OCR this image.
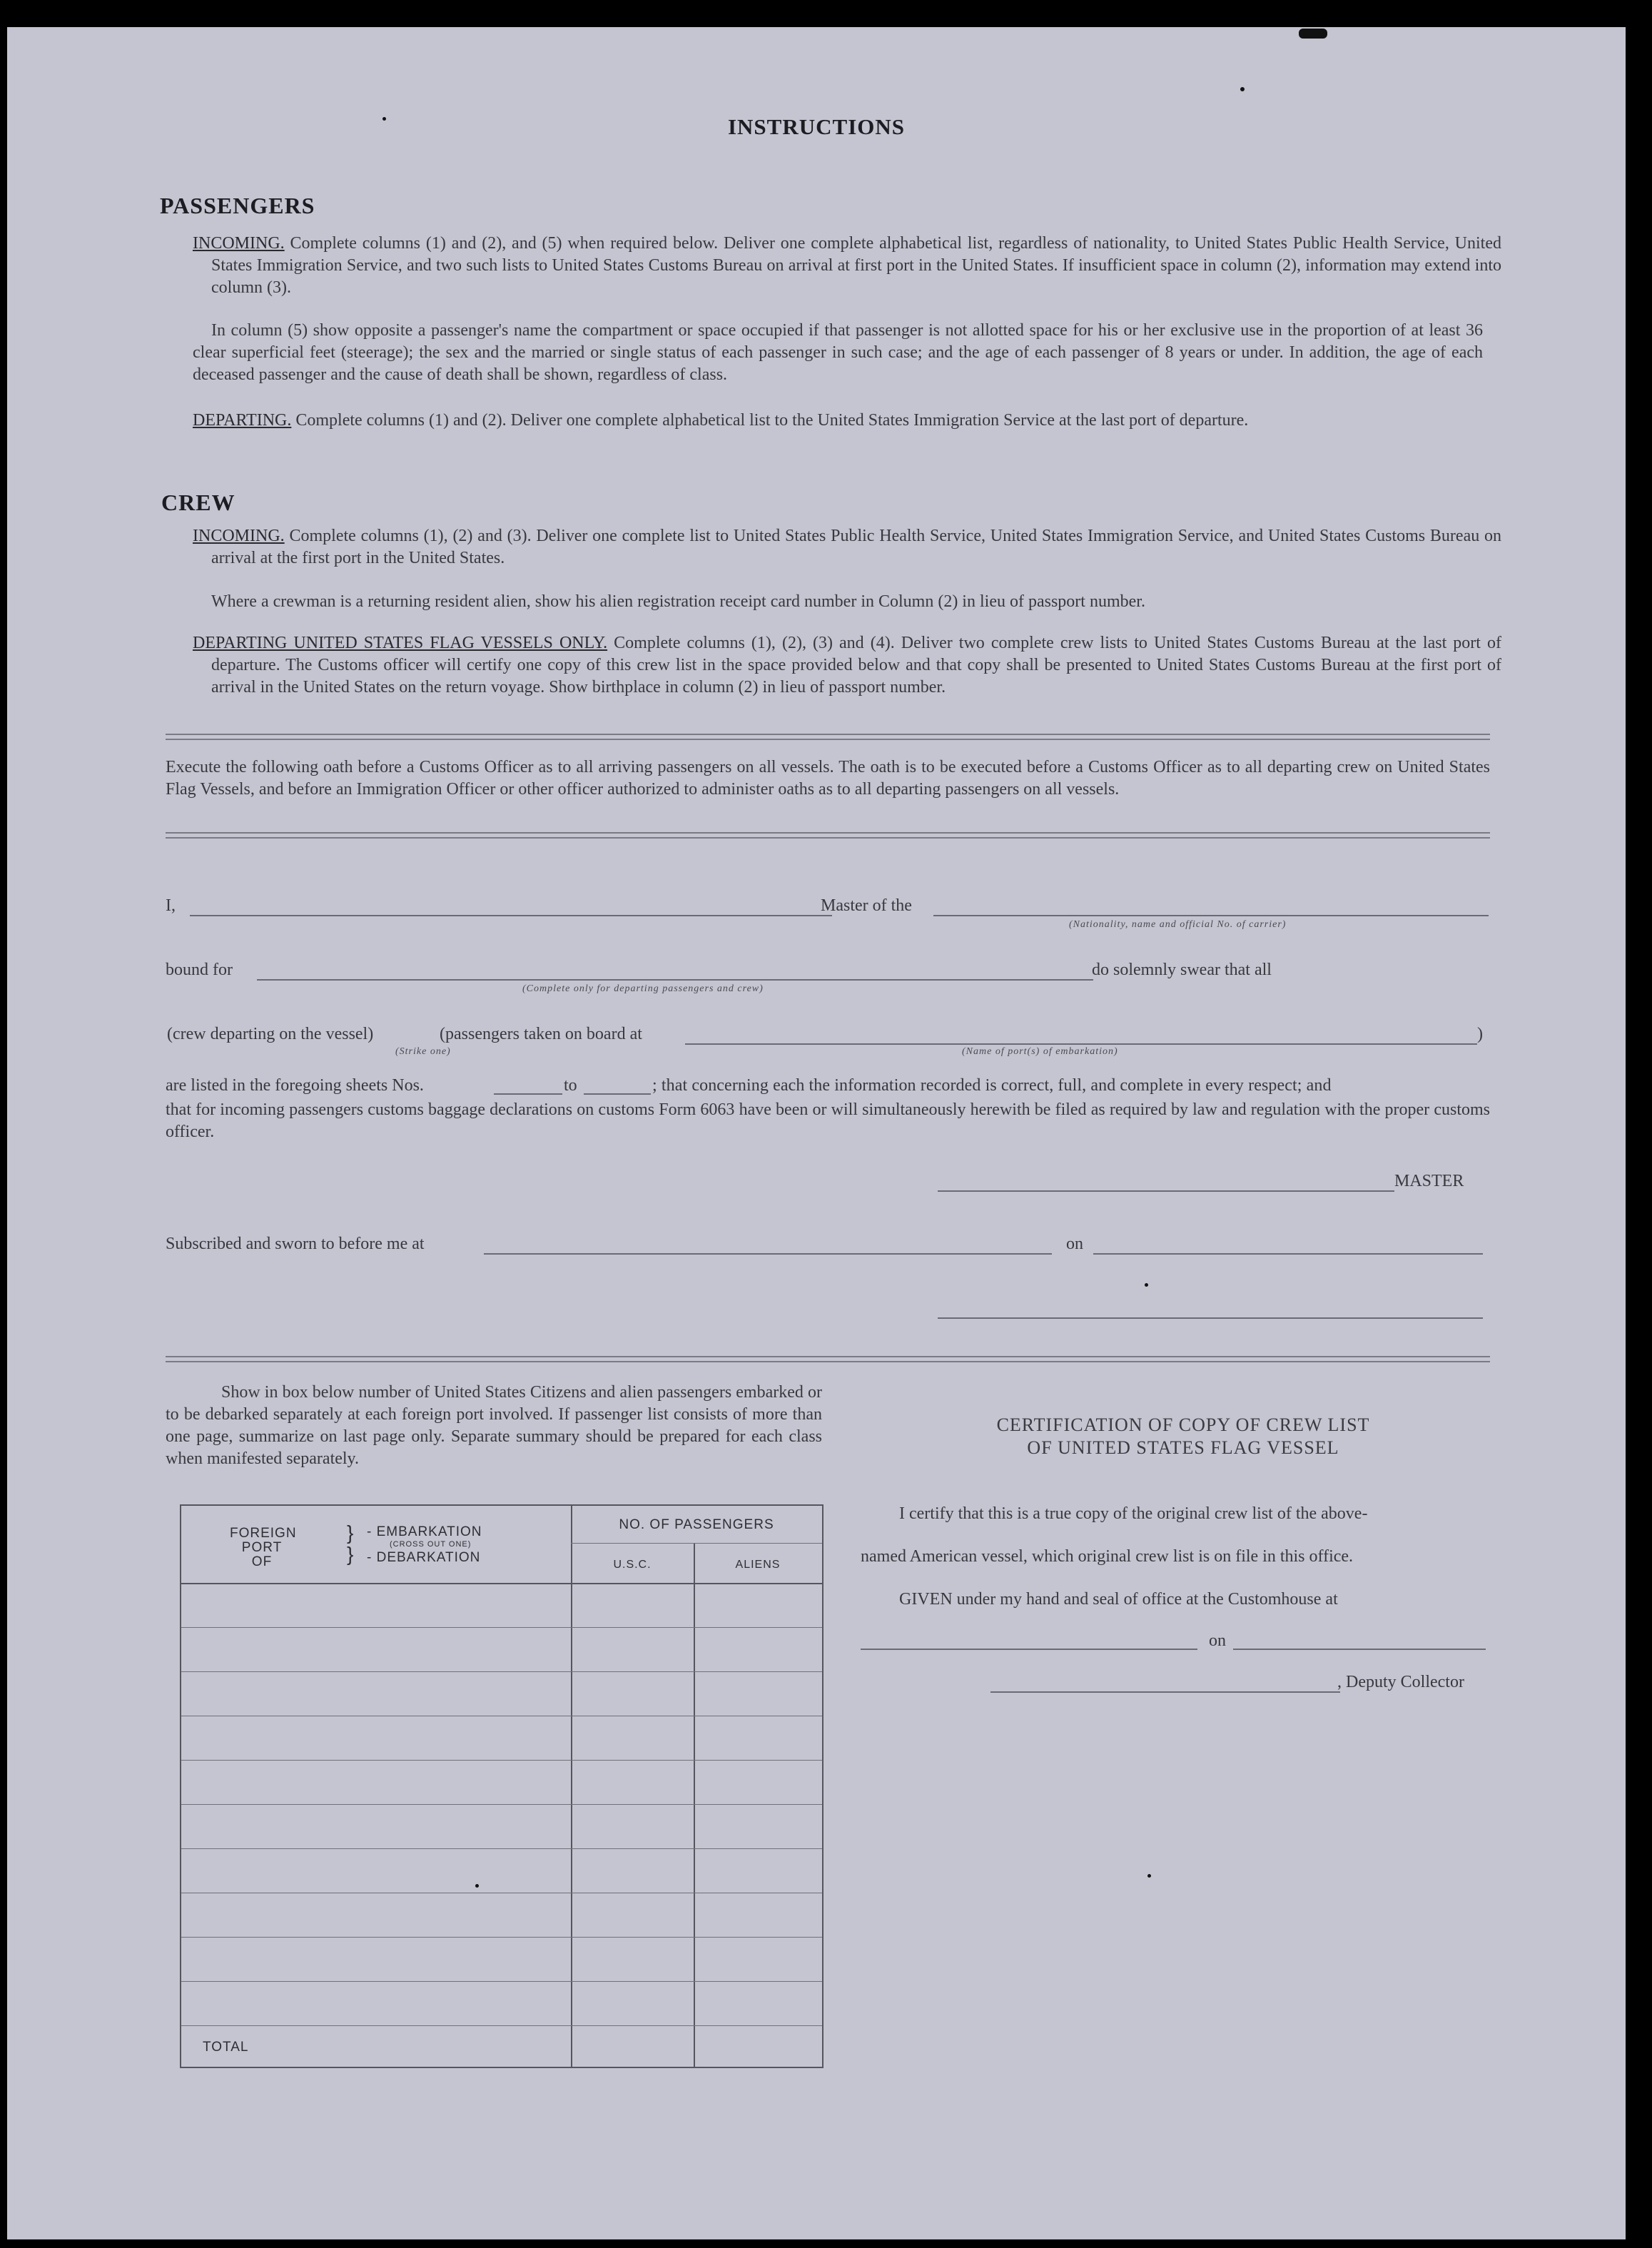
INSTRUCTIONS
PASSENGERS
INCOMING. Complete columns (1) and (2), and (5) when required below. Deliver one complete alphabetical list, regardless of nationality, to United States Public Health Service, United States Immigration Service, and two such lists to United States Customs Bureau on arrival at first port in the United States. If insufficient space in column (2), information may extend into column (3).
In column (5) show opposite a passenger's name the compartment or space occupied if that passenger is not allotted space for his or her exclusive use in the proportion of at least 36 clear superficial feet (steerage); the sex and the married or single status of each passenger in such case; and the age of each passenger of 8 years or under. In addition, the age of each deceased passenger and the cause of death shall be shown, regardless of class.
DEPARTING. Complete columns (1) and (2). Deliver one complete alphabetical list to the United States Immigration Service at the last port of departure.
CREW
INCOMING. Complete columns (1), (2) and (3). Deliver one complete list to United States Public Health Service, United States Immigration Service, and United States Customs Bureau on arrival at the first port in the United States.
Where a crewman is a returning resident alien, show his alien registration receipt card number in Column (2) in lieu of passport number.
DEPARTING UNITED STATES FLAG VESSELS ONLY. Complete columns (1), (2), (3) and (4). Deliver two complete crew lists to United States Customs Bureau at the last port of departure. The Customs officer will certify one copy of this crew list in the space provided below and that copy shall be presented to United States Customs Bureau at the first port of arrival in the United States on the return voyage. Show birthplace in column (2) in lieu of passport number.
Execute the following oath before a Customs Officer as to all arriving passengers on all vessels. The oath is to be executed before a Customs Officer as to all departing crew on United States Flag Vessels, and before an Immigration Officer or other officer authorized to administer oaths as to all departing passengers on all vessels.
I,	Master of the
(Nationality, name and official No. of carrier)
bound for
(Complete only for departing passengers and crew)
do solemnly swear that all
(crew departing on the vessel)	(passengers taken on board at	)
(Strike one)	(Name of port(s) of embarkation)
are listed in the foregoing sheets Nos.	to	; that concerning each the information recorded is correct, full, and complete in every respect; and
that for incoming passengers customs baggage declarations on customs Form 6063 have been or will simultaneously herewith be filed as required by law and regulation with the proper customs officer.
MASTER
Subscribed and sworn to before me at	on
Show in box below number of United States Citizens and alien passengers embarked or to be debarked separately at each foreign port involved. If passenger list consists of more than one page, summarize on last page only. Separate summary should be prepared for each class when manifested separately.
FOREIGN
PORT
OF
}
}
- EMBARKATION
(CROSS OUT ONE)
- DEBARKATION
NO. OF PASSENGERS
U.S.C.	ALIENS
TOTAL
CERTIFICATION OF COPY OF CREW LIST
OF UNITED STATES FLAG VESSEL
I certify that this is a true copy of the original crew list of the above-
named American vessel, which original crew list is on file in this office.
GIVEN under my hand and seal of office at the Customhouse at
on
, Deputy Collector
